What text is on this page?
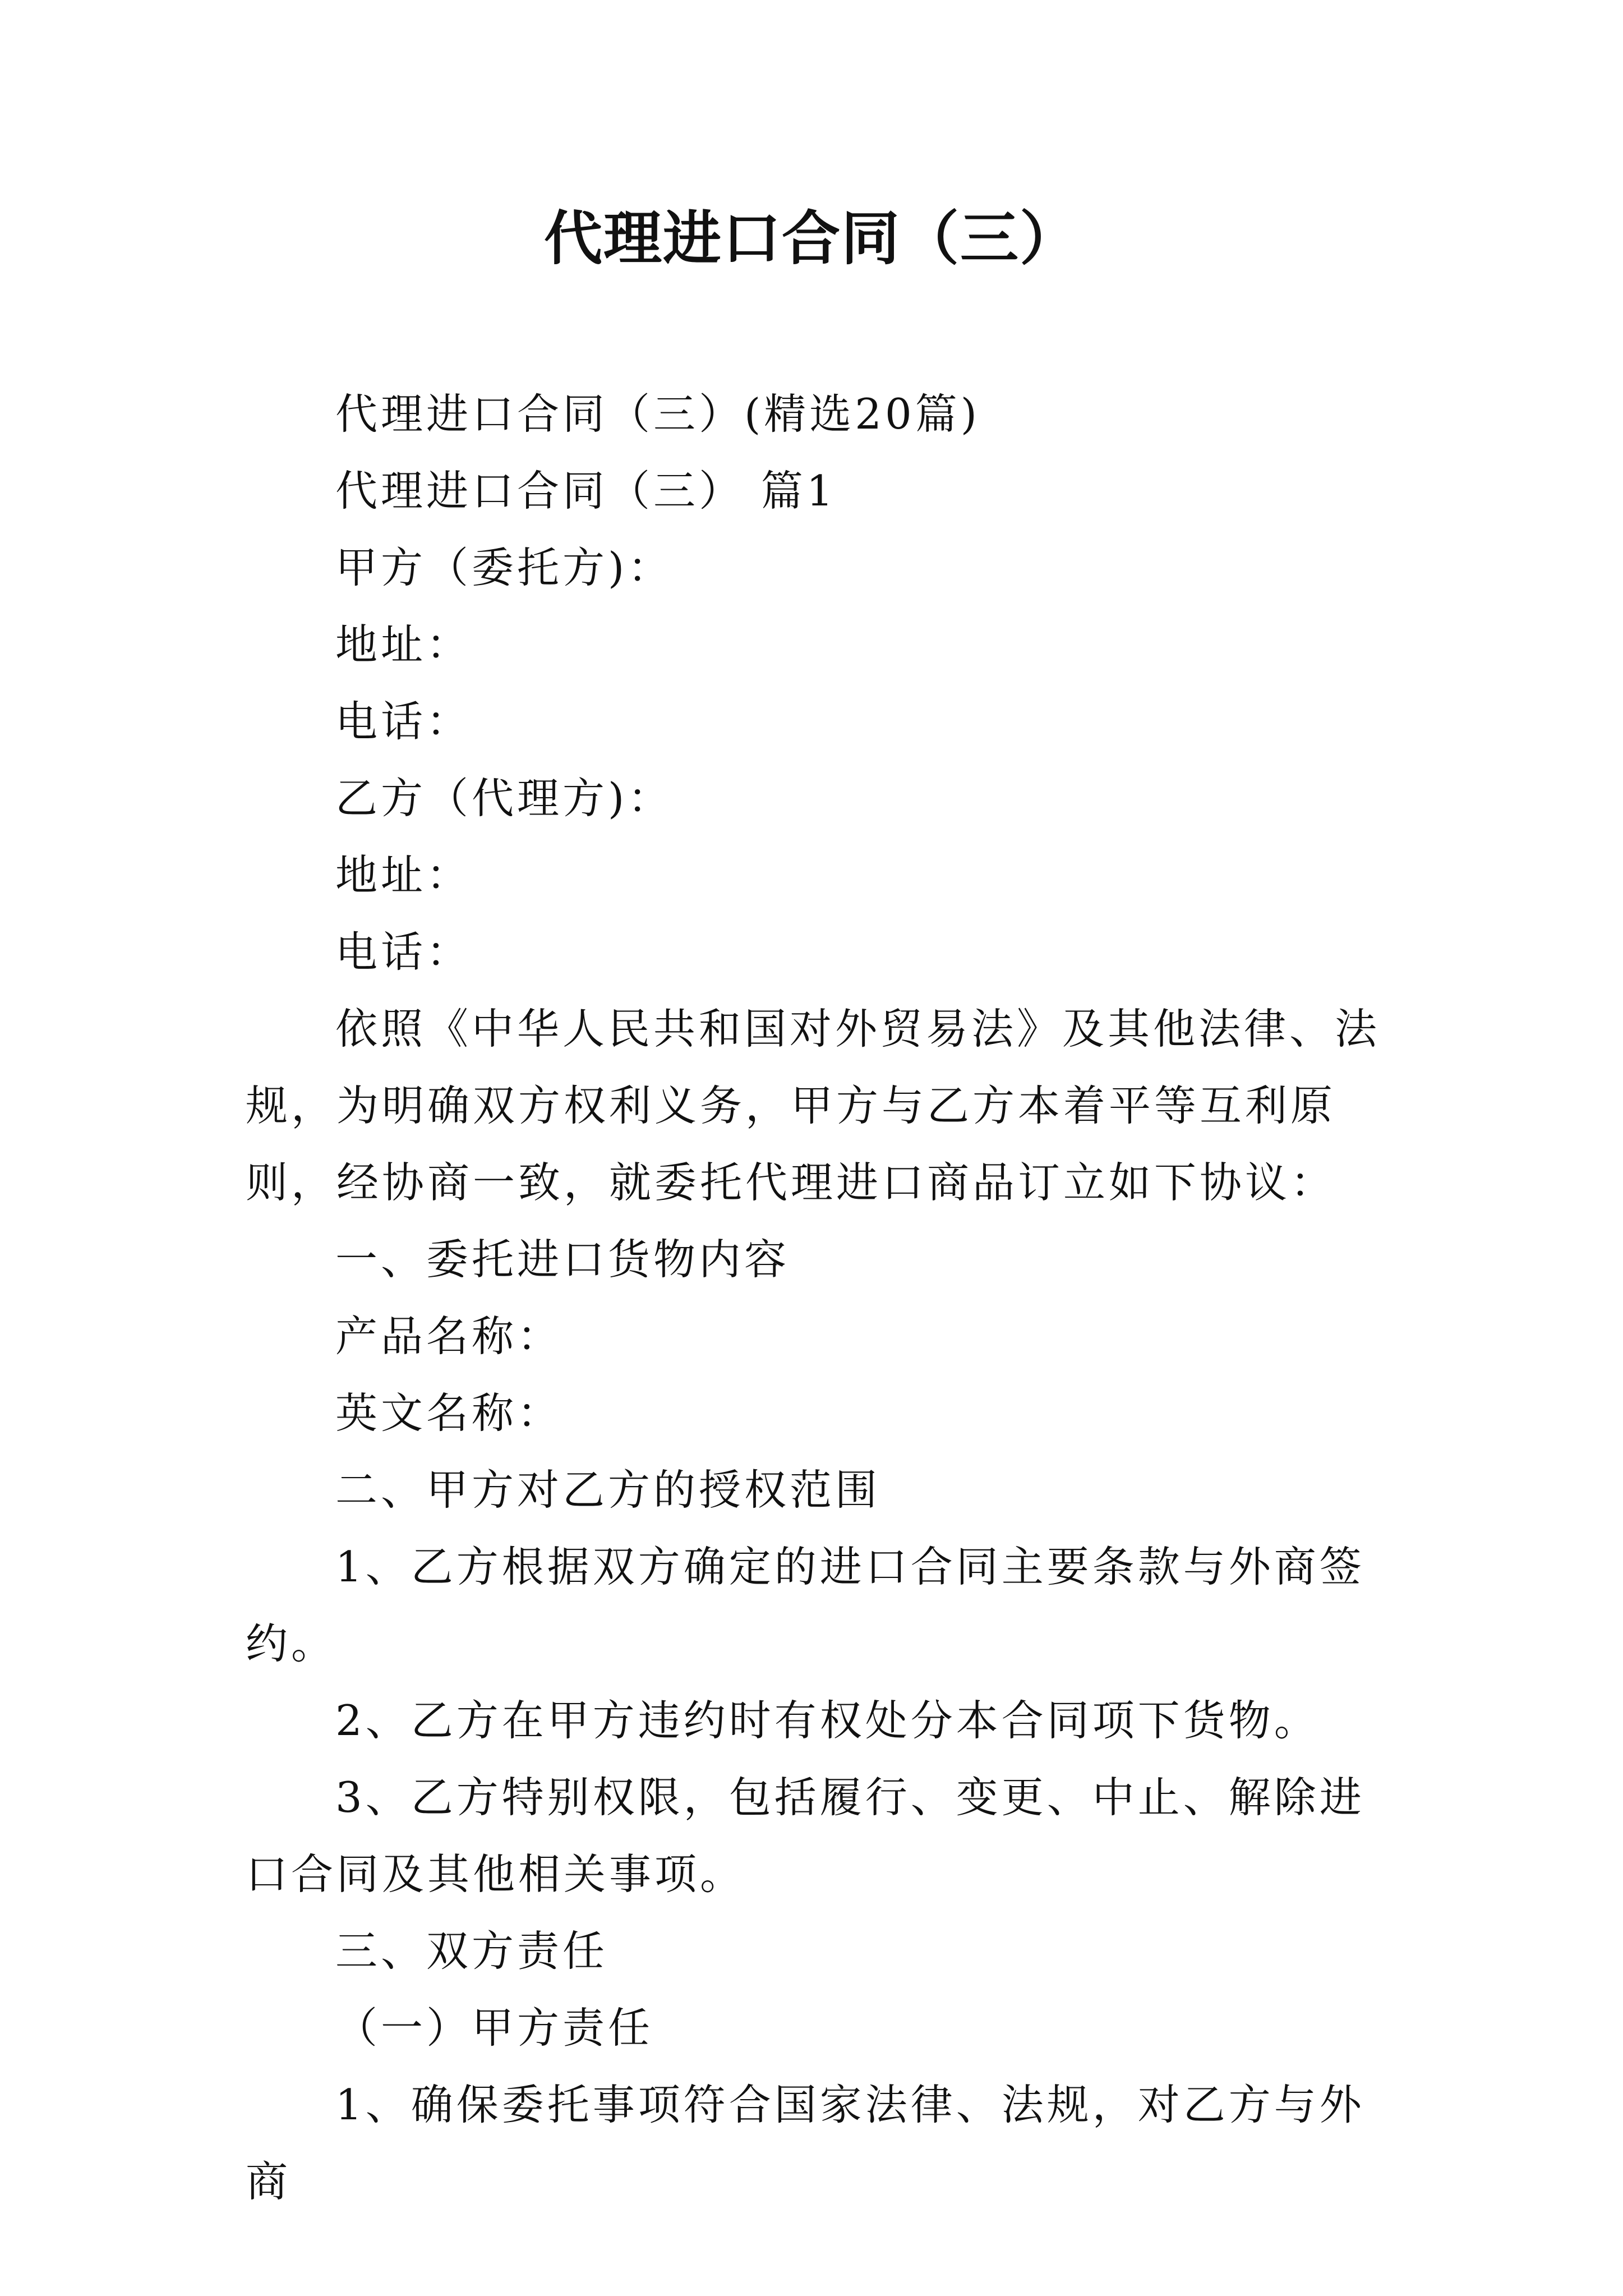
代理进口合同（三）

代理进口合同（三）(精选20篇)

代理进口合同（三） 篇1

甲方（委托方)：

地址：

电话：

乙方（代理方)：

地址：

电话：

依照《中华人民共和国对外贸易法》及其他法律、法规，为明确双方权利义务，甲方与乙方本着平等互利原则，经协商一致，就委托代理进口商品订立如下协议：

一、委托进口货物内容

产品名称：

英文名称：

二、甲方对乙方的授权范围

1、乙方根据双方确定的进口合同主要条款与外商签约。

2、乙方在甲方违约时有权处分本合同项下货物。

3、乙方特别权限，包括履行、变更、中止、解除进口合同及其他相关事项。

三、双方责任

（一）甲方责任

1、确保委托事项符合国家法律、法规，对乙方与外商
